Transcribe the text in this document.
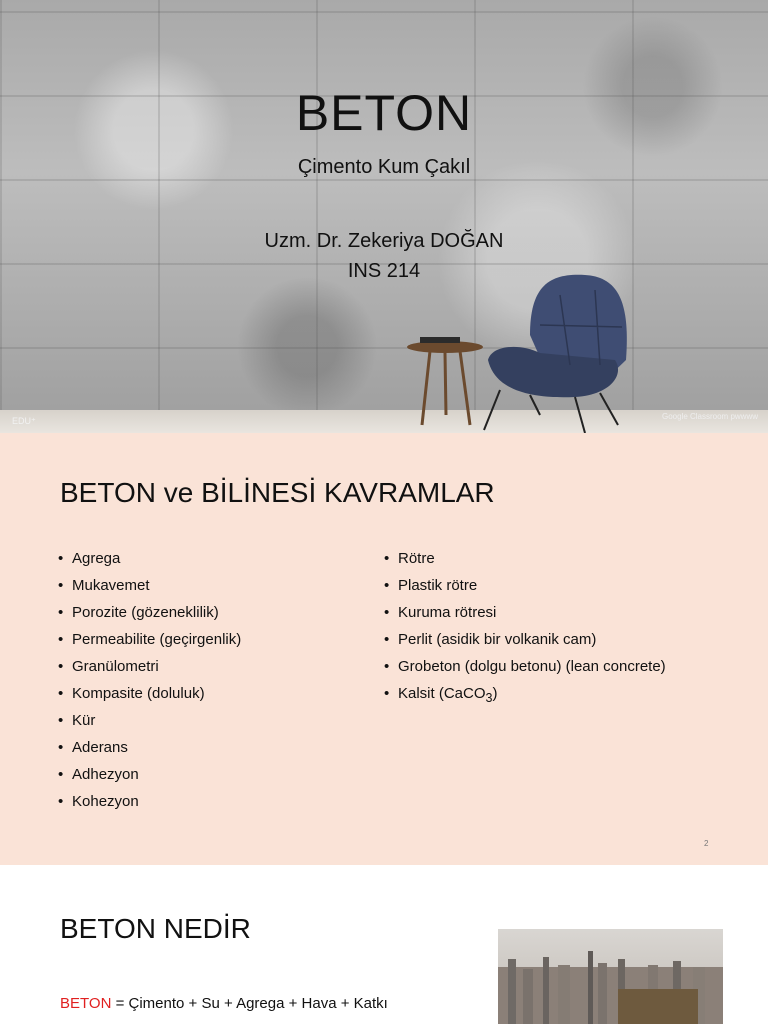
BETON
Çimento Kum Çakıl
Uzm. Dr. Zekeriya DOĞAN
INS 214
EDU⁺	Google Classroom pwwww
BETON ve BİLİNESİ KAVRAMLAR
• Agrega
• Mukavemet
• Porozite (gözeneklilik)
• Permeabilite (geçirgenlik)
• Granülometri
• Kompasite (doluluk)
• Kür
• Aderans
• Adhezyon
• Kohezyon
• Rötre
• Plastik rötre
• Kuruma rötresi
• Perlit (asidik bir volkanik cam)
• Grobeton (dolgu betonu) (lean concrete)
• Kalsit (CaCO$_3$)
2
BETON NEDİR
BETON = Çimento + Su + Agrega + Hava + Katkı
